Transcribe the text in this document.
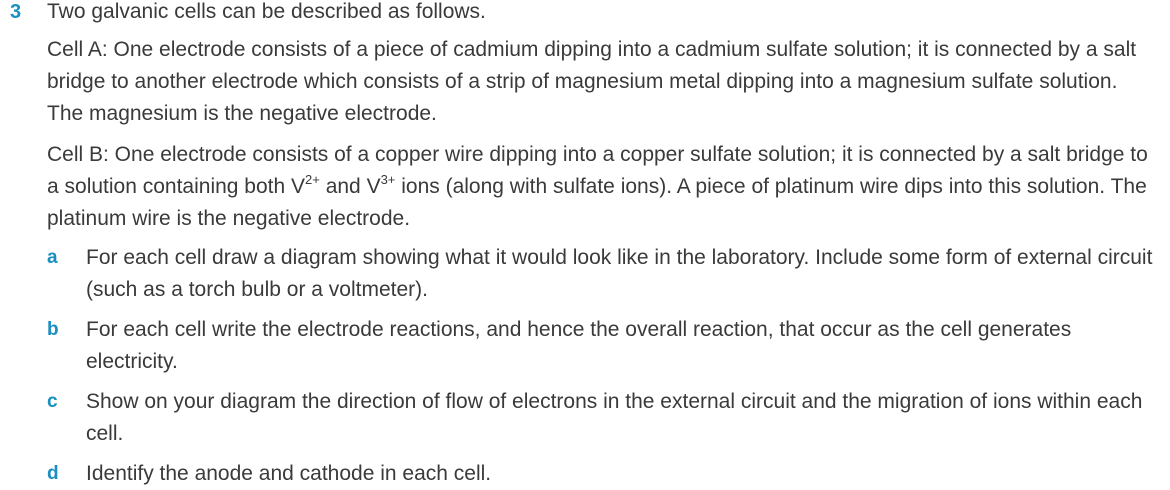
3 Two galvanic cells can be described as follows.
Cell A: One electrode consists of a piece of cadmium dipping into a cadmium sulfate solution; it is connected by a salt bridge to another electrode which consists of a strip of magnesium metal dipping into a magnesium sulfate solution. The magnesium is the negative electrode.
Cell B: One electrode consists of a copper wire dipping into a copper sulfate solution; it is connected by a salt bridge to a solution containing both $V^{2+}$ and $V^{3+}$ ions (along with sulfate ions). A piece of platinum wire dips into this solution. The platinum wire is the negative electrode.
a For each cell draw a diagram showing what it would look like in the laboratory. Include some form of external circuit (such as a torch bulb or a voltmeter).
b For each cell write the electrode reactions, and hence the overall reaction, that occur as the cell generates electricity.
c Show on your diagram the direction of flow of electrons in the external circuit and the migration of ions within each cell.
d Identify the anode and cathode in each cell.
